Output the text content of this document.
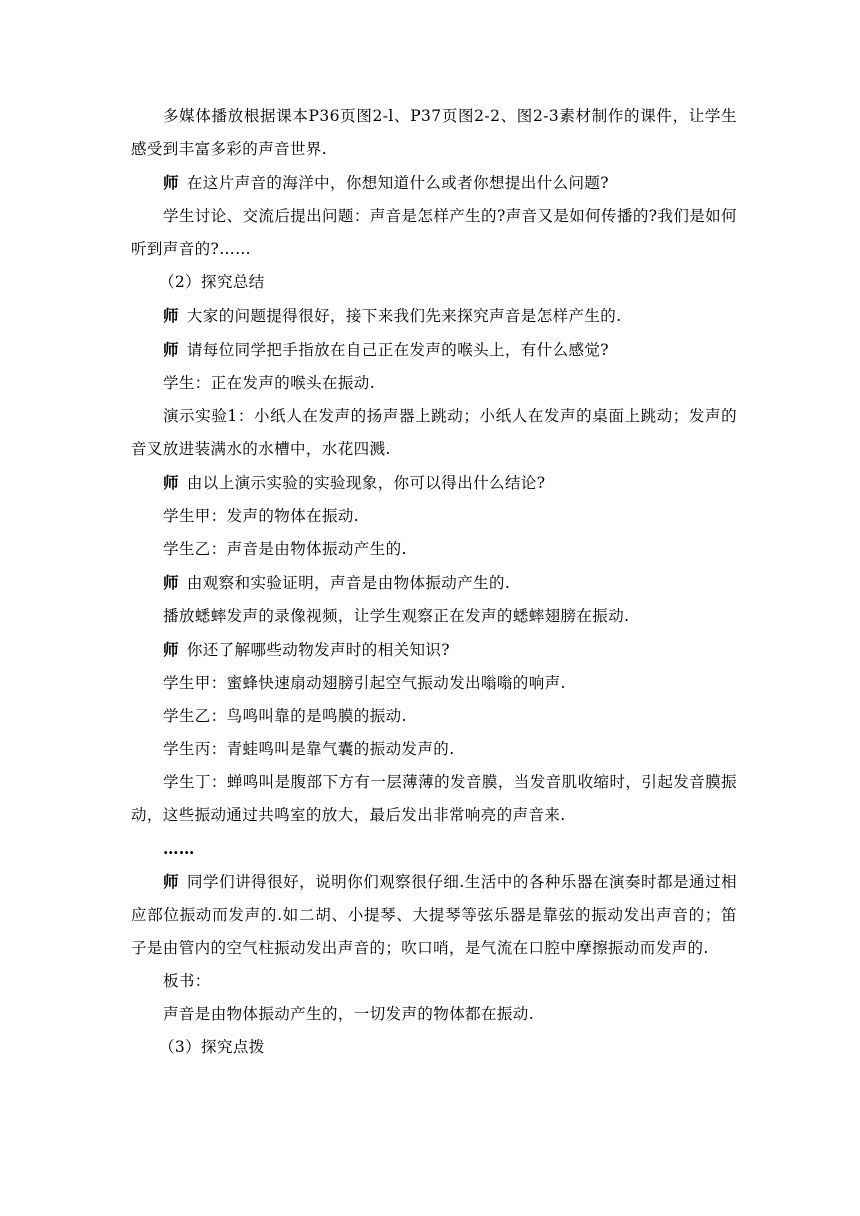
多媒体播放根据课本P36页图2-l、P37页图2-2、图2-3素材制作的课件，让学生感受到丰富多彩的声音世界.

师 在这片声音的海洋中，你想知道什么或者你想提出什么问题?

学生讨论、交流后提出问题：声音是怎样产生的?声音又是如何传播的?我们是如何听到声音的?……

（2）探究总结

师 大家的问题提得很好，接下来我们先来探究声音是怎样产生的.

师 请每位同学把手指放在自己正在发声的喉头上，有什么感觉?

学生：正在发声的喉头在振动.

演示实验1：小纸人在发声的扬声器上跳动；小纸人在发声的桌面上跳动；发声的音叉放进装满水的水槽中，水花四溅.

师 由以上演示实验的实验现象，你可以得出什么结论?

学生甲：发声的物体在振动.

学生乙：声音是由物体振动产生的.

师 由观察和实验证明，声音是由物体振动产生的.

播放蟋蟀发声的录像视频，让学生观察正在发声的蟋蟀翅膀在振动.

师 你还了解哪些动物发声时的相关知识?

学生甲：蜜蜂快速扇动翅膀引起空气振动发出嗡嗡的响声.

学生乙：鸟鸣叫靠的是鸣膜的振动.

学生丙：青蛙鸣叫是靠气囊的振动发声的.

学生丁：蝉鸣叫是腹部下方有一层薄薄的发音膜，当发音肌收缩时，引起发音膜振动，这些振动通过共鸣室的放大，最后发出非常响亮的声音来.

……

师 同学们讲得很好，说明你们观察很仔细.生活中的各种乐器在演奏时都是通过相应部位振动而发声的.如二胡、小提琴、大提琴等弦乐器是靠弦的振动发出声音的；笛子是由管内的空气柱振动发出声音的；吹口哨，是气流在口腔中摩擦振动而发声的.

板书：

声音是由物体振动产生的，一切发声的物体都在振动.

（3）探究点拨
